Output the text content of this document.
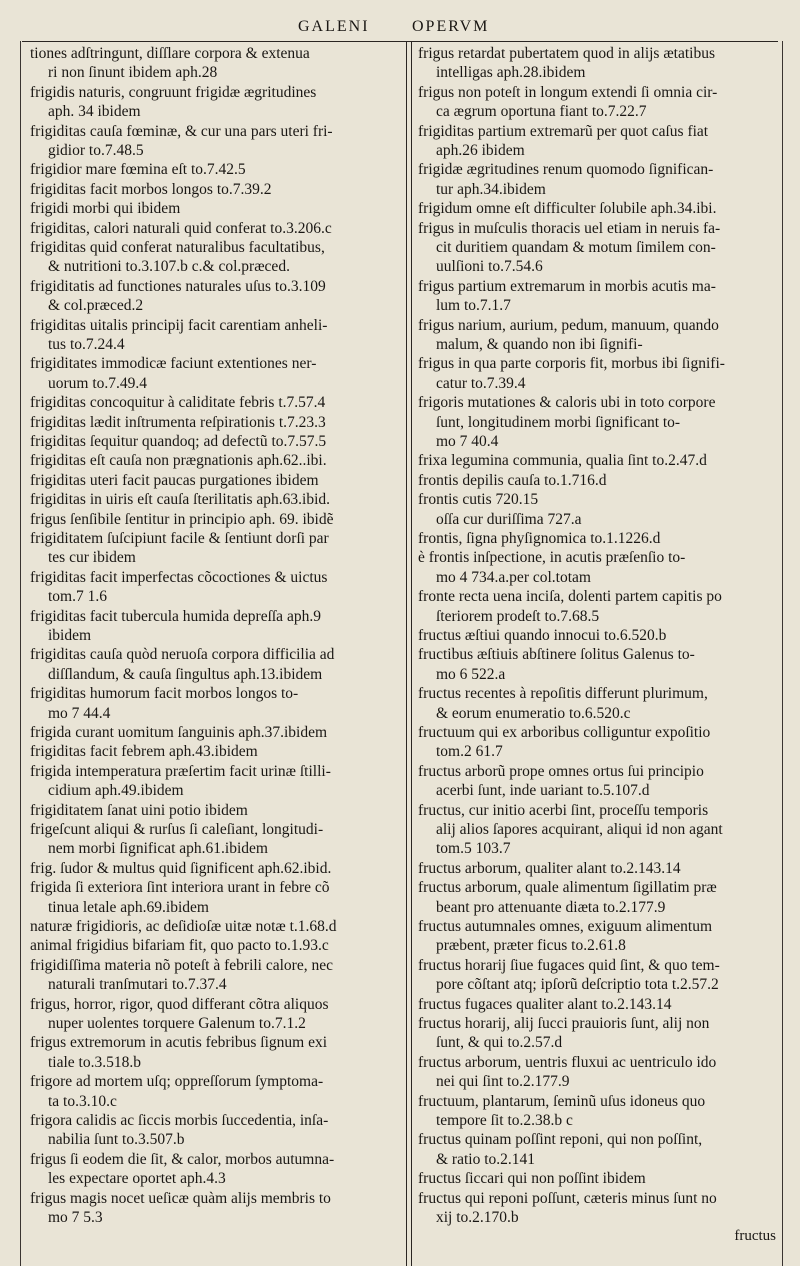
GALENI	OPERVM
tiones adſtringunt, diſſlare corpora & extenua
ri non ſinunt ibidem aph.28
frigidis naturis, congruunt frigidæ ægritudines
aph. 34 ibidem
frigiditas cauſa fœminæ, & cur una pars uteri fri-
gidior to.7.48.5
frigidior mare fœmina eſt to.7.42.5
frigiditas facit morbos longos to.7.39.2
frigidi morbi qui ibidem
frigiditas, calori naturali quid conferat to.3.206.c
frigiditas quid conferat naturalibus facultatibus,
& nutritioni to.3.107.b c.& col.præced.
frigiditatis ad functiones naturales uſus to.3.109
& col.præced.2
frigiditas uitalis principij facit carentiam anheli-
tus to.7.24.4
frigiditates immodicæ faciunt extentiones ner-
uorum to.7.49.4
frigiditas concoquitur à caliditate febris t.7.57.4
frigiditas lædit inſtrumenta reſpirationis t.7.23.3
frigiditas ſequitur quandoq; ad defectũ to.7.57.5
frigiditas eſt cauſa non prægnationis aph.62..ibi.
frigiditas uteri facit paucas purgationes ibidem
frigiditas in uiris eſt cauſa ſterilitatis aph.63.ibid.
frigus ſenſibile ſentitur in principio aph. 69. ibidẽ
frigiditatem ſuſcipiunt facile & ſentiunt dorſi par
tes cur ibidem
frigiditas facit imperfectas cõcoctiones & uictus
tom.7 1.6
frigiditas facit tubercula humida depreſſa aph.9
ibidem
frigiditas cauſa quòd neruoſa corpora difficilia ad
diſſlandum, & cauſa ſingultus aph.13.ibidem
frigiditas humorum facit morbos longos to-
mo 7 44.4
frigida curant uomitum ſanguinis aph.37.ibidem
frigiditas facit febrem aph.43.ibidem
frigida intemperatura præſertim facit urinæ ſtilli-
cidium aph.49.ibidem
frigiditatem ſanat uini potio ibidem
frigeſcunt aliqui & rurſus ſi caleſiant, longitudi-
nem morbi ſignificat aph.61.ibidem
frig. ſudor & multus quid ſignificent aph.62.ibid.
frigida ſi exteriora ſint interiora urant in febre cõ
tinua letale aph.69.ibidem
naturæ frigidioris, ac deſidioſæ uitæ notæ t.1.68.d
animal frigidius bifariam fit, quo pacto to.1.93.c
frigidiſſima materia nõ poteſt à febrili calore, nec
naturali tranſmutari to.7.37.4
frigus, horror, rigor, quod differant cõtra aliquos
nuper uolentes torquere Galenum to.7.1.2
frigus extremorum in acutis febribus ſignum exi
tiale to.3.518.b
frigore ad mortem uſq; oppreſſorum ſymptoma-
ta to.3.10.c
frigora calidis ac ſiccis morbis ſuccedentia, inſa-
nabilia ſunt to.3.507.b
frigus ſi eodem die ſit, & calor, morbos autumna-
les expectare oportet aph.4.3
frigus magis nocet ueſicæ quàm alijs membris to
mo 7 5.3
frigus retardat pubertatem quod in alijs ætatibus
intelligas aph.28.ibidem
frigus non poteſt in longum extendi ſi omnia cir-
ca ægrum oportuna fiant to.7.22.7
frigiditas partium extremarũ per quot caſus fiat
aph.26 ibidem
frigidæ ægritudines renum quomodo ſignifican-
tur aph.34.ibidem
frigidum omne eſt difficulter ſolubile aph.34.ibi.
frigus in muſculis thoracis uel etiam in neruis fa-
cit duritiem quandam & motum ſimilem con-
uulſioni to.7.54.6
frigus partium extremarum in morbis acutis ma-
lum to.7.1.7
frigus narium, aurium, pedum, manuum, quando
malum, & quando non ibi ſignifi-
frigus in qua parte corporis fit, morbus ibi ſignifi-
catur to.7.39.4
frigoris mutationes & caloris ubi in toto corpore
ſunt, longitudinem morbi ſignificant to-
mo 7 40.4
frixa legumina communia, qualia ſint to.2.47.d
frontis depilis cauſa to.1.716.d
frontis cutis 720.15
oſſa cur duriſſima 727.a
frontis, ſigna phyſignomica to.1.1226.d
è frontis inſpectione, in acutis præſenſio to-
mo 4 734.a.per col.totam
fronte recta uena inciſa, dolenti partem capitis po
ſteriorem prodeſt to.7.68.5
fructus æſtiui quando innocui to.6.520.b
fructibus æſtiuis abſtinere ſolitus Galenus to-
mo 6 522.a
fructus recentes à repoſitis differunt plurimum,
& eorum enumeratio to.6.520.c
fructuum qui ex arboribus colliguntur expoſitio
tom.2 61.7
fructus arborũ prope omnes ortus ſui principio
acerbi ſunt, inde uariant to.5.107.d
fructus, cur initio acerbi ſint, proceſſu temporis
alij alios ſapores acquirant, aliqui id non agant
tom.5 103.7
fructus arborum, qualiter alant to.2.143.14
fructus arborum, quale alimentum ſigillatim præ
beant pro attenuante diæta to.2.177.9
fructus autumnales omnes, exiguum alimentum
præbent, præter ficus to.2.61.8
fructus horarij ſiue fugaces quid ſint, & quo tem-
pore cõſtant atq; ipſorũ deſcriptio tota t.2.57.2
fructus fugaces qualiter alant to.2.143.14
fructus horarij, alij ſucci prauioris ſunt, alij non
ſunt, & qui to.2.57.d
fructus arborum, uentris fluxui ac uentriculo ido
nei qui ſint to.2.177.9
fructuum, plantarum, ſeminũ uſus idoneus quo
tempore ſit to.2.38.b c
fructus quinam poſſint reponi, qui non poſſint,
& ratio to.2.141
fructus ſiccari qui non poſſint ibidem
fructus qui reponi poſſunt, cæteris minus ſunt no
xij to.2.170.b
fructus
